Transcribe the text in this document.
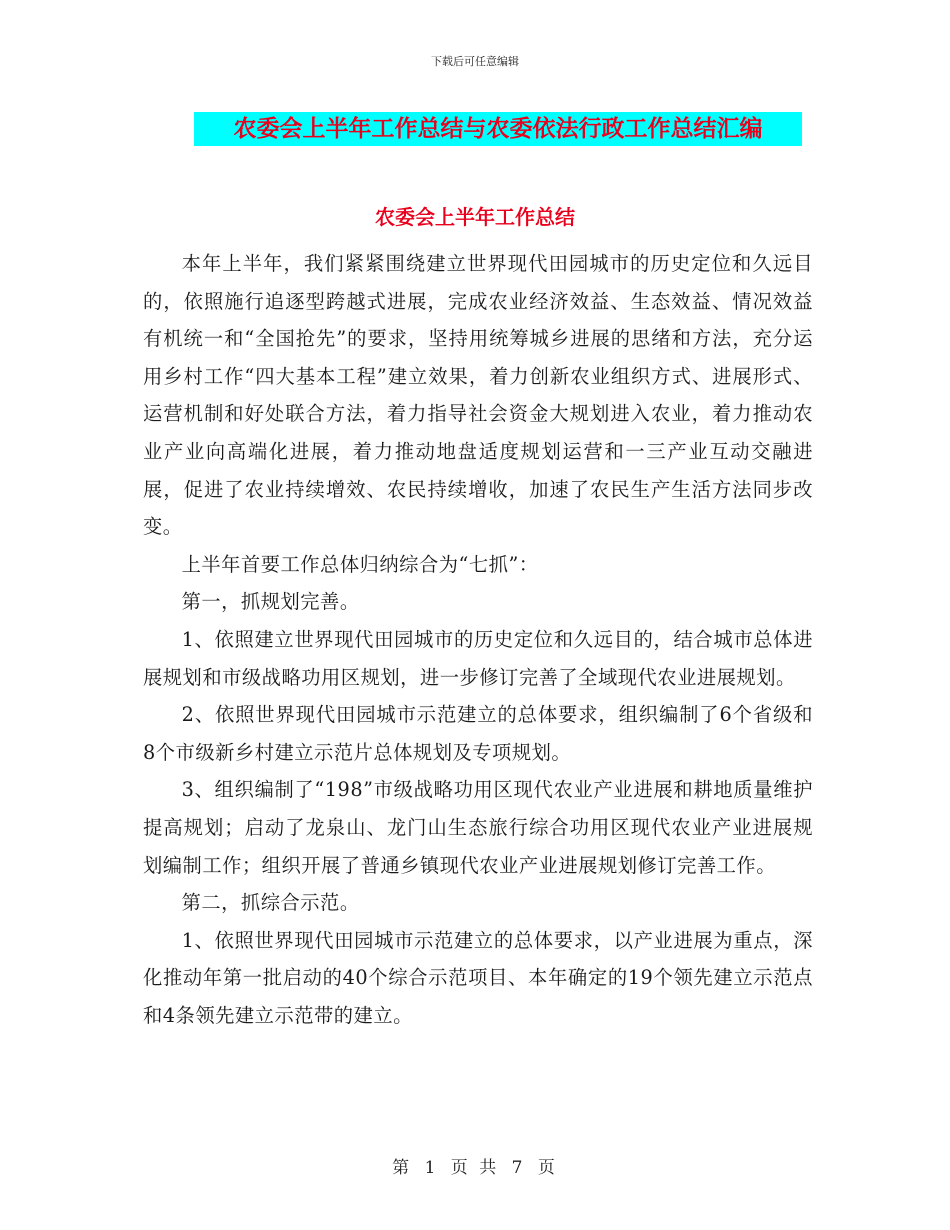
下载后可任意编辑
农委会上半年工作总结与农委依法行政工作总结汇编
农委会上半年工作总结

本年上半年，我们紧紧围绕建立世界现代田园城市的历史定位和久远目的，依照施行追逐型跨越式进展，完成农业经济效益、生态效益、情况效益有机统一和“全国抢先”的要求，坚持用统筹城乡进展的思绪和方法，充分运用乡村工作“四大基本工程”建立效果，着力创新农业组织方式、进展形式、运营机制和好处联合方法，着力指导社会资金大规划进入农业，着力推动农业产业向高端化进展，着力推动地盘适度规划运营和一三产业互动交融进展，促进了农业持续增效、农民持续增收，加速了农民生产生活方法同步改变。

上半年首要工作总体归纳综合为“七抓”：

第一，抓规划完善。

1、依照建立世界现代田园城市的历史定位和久远目的，结合城市总体进展规划和市级战略功用区规划，进一步修订完善了全域现代农业进展规划。

2、依照世界现代田园城市示范建立的总体要求，组织编制了6个省级和8个市级新乡村建立示范片总体规划及专项规划。

3、组织编制了“198”市级战略功用区现代农业产业进展和耕地质量维护提高规划；启动了龙泉山、龙门山生态旅行综合功用区现代农业产业进展规划编制工作；组织开展了普通乡镇现代农业产业进展规划修订完善工作。

第二，抓综合示范。

1、依照世界现代田园城市示范建立的总体要求，以产业进展为重点，深化推动年第一批启动的40个综合示范项目、本年确定的19个领先建立示范点和4条领先建立示范带的建立。

第 1 页 共 7 页
